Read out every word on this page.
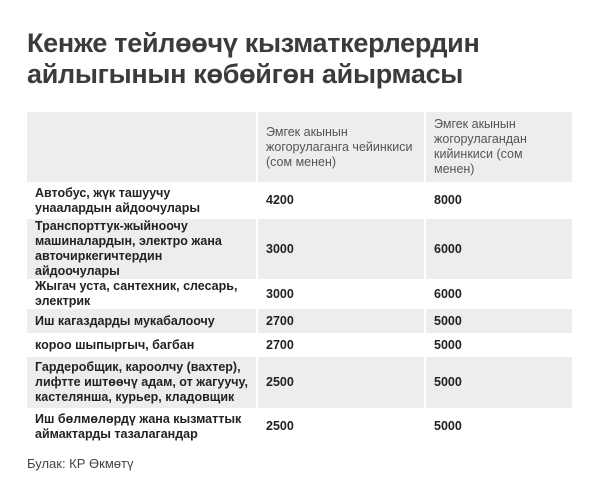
Кенже тейлөөчү кызматкерлердин айлыгынын көбөйгөн айырмасы
	Эмгек акынын жогорулаганга чейинкиси (сом менен)	Эмгек акынын жогорулагандан кийинкиси (сом менен)
Автобус, жүк ташуучу унаалардын айдоочулары	4200	8000
Транспорттук-жыйноочу машиналардын, электро жана авточиркегичтердин айдоочулары	3000	6000
Жыгач уста, сантехник, слесарь, электрик	3000	6000
Иш кагаздарды мукабалоочу	2700	5000
короо шыпыргыч, багбан	2700	5000
Гардеробщик, кароолчу (вахтер), лифтте иштөөчү адам, от жагуучу, кастелянша, курьер, кладовщик	2500	5000
Иш бөлмөлөрдү жана кызматтык аймактарды тазалагандар	2500	5000
Булак: КР Өкмөтү
